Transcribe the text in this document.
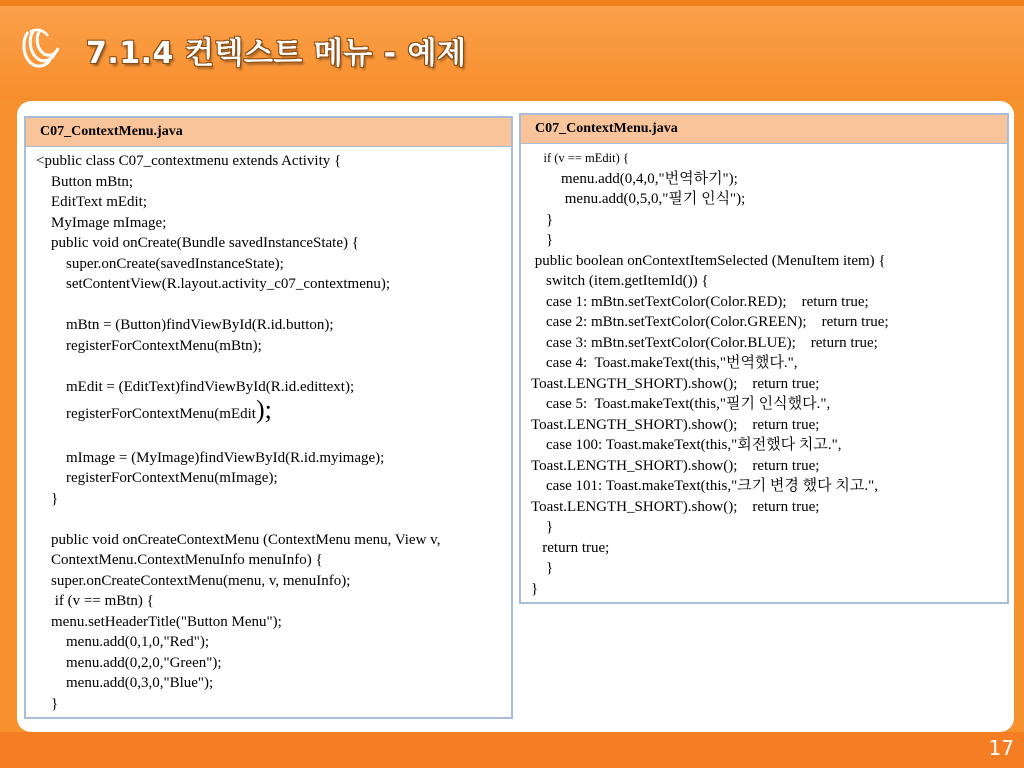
7.1.4 컨텍스트 메뉴 - 예제
C07_ContextMenu.java
<public class C07_contextmenu extends Activity {
Button mBtn;
EditText mEdit;
MyImage mImage;
public void onCreate(Bundle savedInstanceState) {
super.onCreate(savedInstanceState);
setContentView(R.layout.activity_c07_contextmenu);
mBtn = (Button)findViewById(R.id.button);
registerForContextMenu(mBtn);
mEdit = (EditText)findViewById(R.id.edittext);
registerForContextMenu(mEdit);
mImage = (MyImage)findViewById(R.id.myimage);
registerForContextMenu(mImage);
}
public void onCreateContextMenu (ContextMenu menu, View v,
ContextMenu.ContextMenuInfo menuInfo) {
super.onCreateContextMenu(menu, v, menuInfo);
if (v == mBtn) {
menu.setHeaderTitle("Button Menu");
menu.add(0,1,0,"Red");
menu.add(0,2,0,"Green");
menu.add(0,3,0,"Blue");
}
C07_ContextMenu.java
if (v == mEdit) {
menu.add(0,4,0,"번역하기");
menu.add(0,5,0,"필기 인식");
}
}
public boolean onContextItemSelected (MenuItem item) {
switch (item.getItemId()) {
case 1: mBtn.setTextColor(Color.RED);    return true;
case 2: mBtn.setTextColor(Color.GREEN);    return true;
case 3: mBtn.setTextColor(Color.BLUE);    return true;
case 4:  Toast.makeText(this,"번역했다.",
Toast.LENGTH_SHORT).show();    return true;
case 5:  Toast.makeText(this,"필기 인식했다.",
Toast.LENGTH_SHORT).show();    return true;
case 100: Toast.makeText(this,"회전했다 치고.",
Toast.LENGTH_SHORT).show();    return true;
case 101: Toast.makeText(this,"크기 변경 했다 치고.",
Toast.LENGTH_SHORT).show();    return true;
}
return true;
}
}
17
